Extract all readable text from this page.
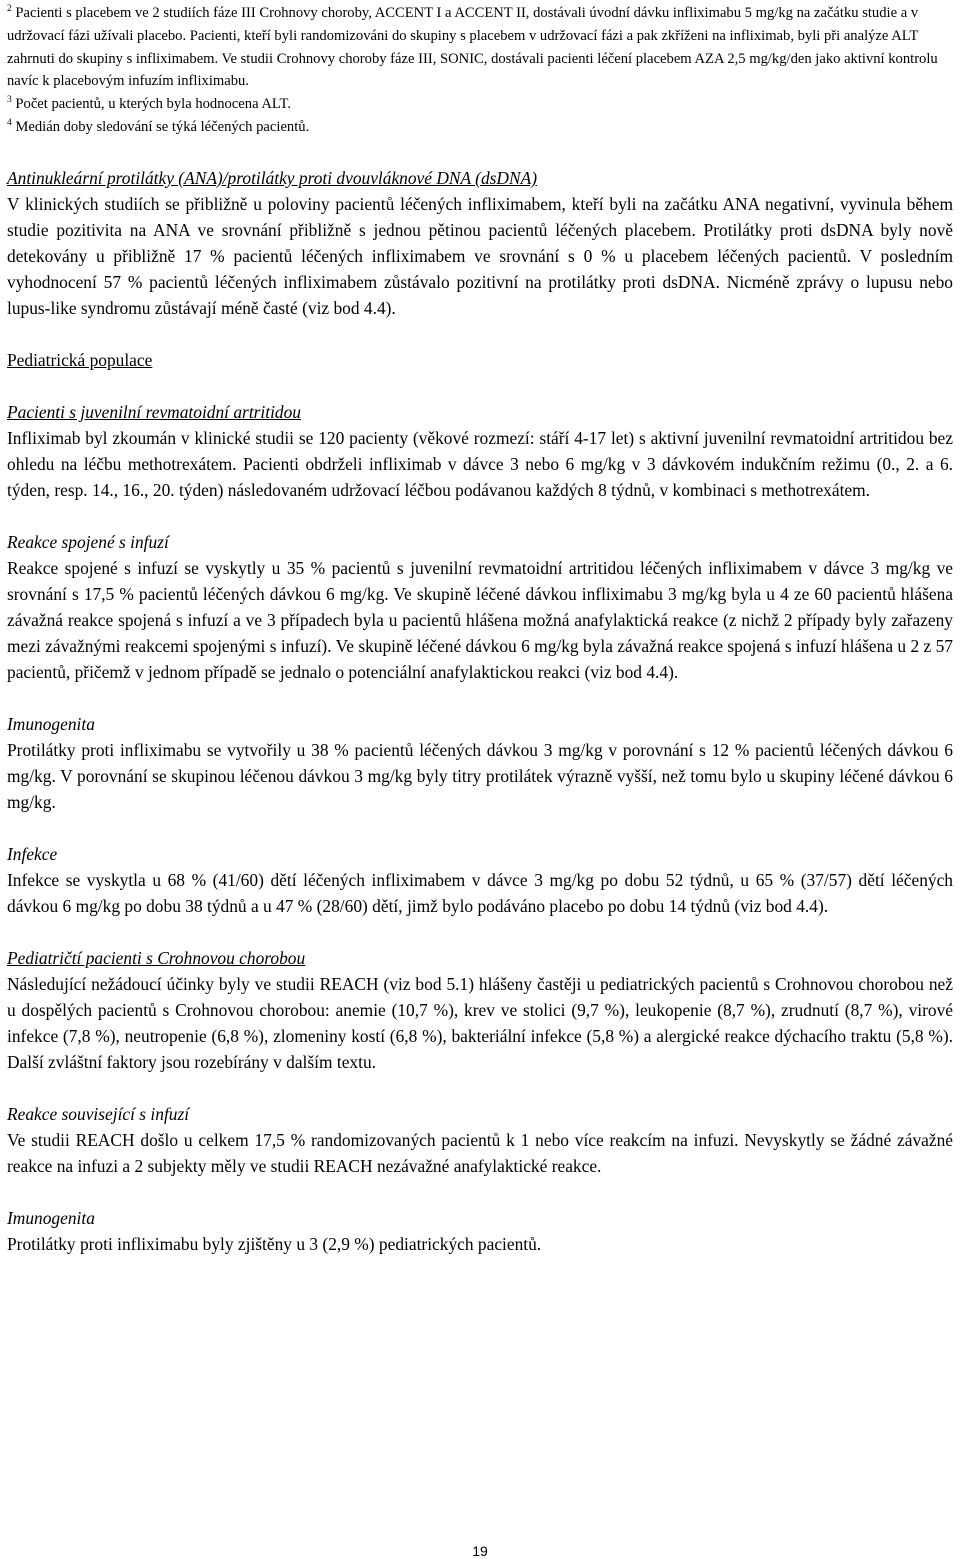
$^2$ Pacienti s placebem ve 2 studiích fáze III Crohnovy choroby, ACCENT I a ACCENT II, dostávali úvodní dávku infliximabu 5 mg/kg na začátku studie a v udržovací fázi užívali placebo. Pacienti, kteří byli randomizováni do skupiny s placebem v udržovací fázi a pak zkříženi na infliximab, byli při analýze ALT zahrnuti do skupiny s infliximabem. Ve studii Crohnovy choroby fáze III, SONIC, dostávali pacienti léčení placebem AZA 2,5 mg/kg/den jako aktivní kontrolu navíc k placebovým infuzím infliximabu.

$^3$ Počet pacientů, u kterých byla hodnocena ALT.

$^4$ Medián doby sledování se týká léčených pacientů.

Antinukleární protilátky (ANA)/protilátky proti dvouvláknové DNA (dsDNA)

V klinických studiích se přibližně u poloviny pacientů léčených infliximabem, kteří byli na začátku ANA negativní, vyvinula během studie pozitivita na ANA ve srovnání přibližně s jednou pětinou pacientů léčených placebem. Protilátky proti dsDNA byly nově detekovány u přibližně 17 % pacientů léčených infliximabem ve srovnání s 0 % u placebem léčených pacientů. V posledním vyhodnocení 57 % pacientů léčených infliximabem zůstávalo pozitivní na protilátky proti dsDNA. Nicméně zprávy o lupusu nebo lupus-like syndromu zůstávají méně časté (viz bod 4.4).

Pediatrická populace

Pacienti s juvenilní revmatoidní artritidou

Infliximab byl zkoumán v klinické studii se 120 pacienty (věkové rozmezí: stáří 4-17 let) s aktivní juvenilní revmatoidní artritidou bez ohledu na léčbu methotrexátem. Pacienti obdrželi infliximab v dávce 3 nebo 6 mg/kg v 3 dávkovém indukčním režimu (0., 2. a 6. týden, resp. 14., 16., 20. týden) následovaném udržovací léčbou podávanou každých 8 týdnů, v kombinaci s methotrexátem.

Reakce spojené s infuzí

Reakce spojené s infuzí se vyskytly u 35 % pacientů s juvenilní revmatoidní artritidou léčených infliximabem v dávce 3 mg/kg ve srovnání s 17,5 % pacientů léčených dávkou 6 mg/kg. Ve skupině léčené dávkou infliximabu 3 mg/kg byla u 4 ze 60 pacientů hlášena závažná reakce spojená s infuzí a ve 3 případech byla u pacientů hlášena možná anafylaktická reakce (z nichž 2 případy byly zařazeny mezi závažnými reakcemi spojenými s infuzí). Ve skupině léčené dávkou 6 mg/kg byla závažná reakce spojená s infuzí hlášena u 2 z 57 pacientů, přičemž v jednom případě se jednalo o potenciální anafylaktickou reakci (viz bod 4.4).

Imunogenita

Protilátky proti infliximabu se vytvořily u 38 % pacientů léčených dávkou 3 mg/kg v porovnání s 12 % pacientů léčených dávkou 6 mg/kg. V porovnání se skupinou léčenou dávkou 3 mg/kg byly titry protilátek výrazně vyšší, než tomu bylo u skupiny léčené dávkou 6 mg/kg.

Infekce

Infekce se vyskytla u 68 % (41/60) dětí léčených infliximabem v dávce 3 mg/kg po dobu 52 týdnů, u 65 % (37/57) dětí léčených dávkou 6 mg/kg po dobu 38 týdnů a u 47 % (28/60) dětí, jimž bylo podáváno placebo po dobu 14 týdnů (viz bod 4.4).

Pediatričtí pacienti s Crohnovou chorobou

Následující nežádoucí účinky byly ve studii REACH (viz bod 5.1) hlášeny častěji u pediatrických pacientů s Crohnovou chorobou než u dospělých pacientů s Crohnovou chorobou: anemie (10,7 %), krev ve stolici (9,7 %), leukopenie (8,7 %), zrudnutí (8,7 %), virové infekce (7,8 %), neutropenie (6,8 %), zlomeniny kostí (6,8 %), bakteriální infekce (5,8 %) a alergické reakce dýchacího traktu (5,8 %). Další zvláštní faktory jsou rozebírány v dalším textu.

Reakce související s infuzí

Ve studii REACH došlo u celkem 17,5 % randomizovaných pacientů k 1 nebo více reakcím na infuzi. Nevyskytly se žádné závažné reakce na infuzi a 2 subjekty měly ve studii REACH nezávažné anafylaktické reakce.

Imunogenita

Protilátky proti infliximabu byly zjištěny u 3 (2,9 %) pediatrických pacientů.

19
